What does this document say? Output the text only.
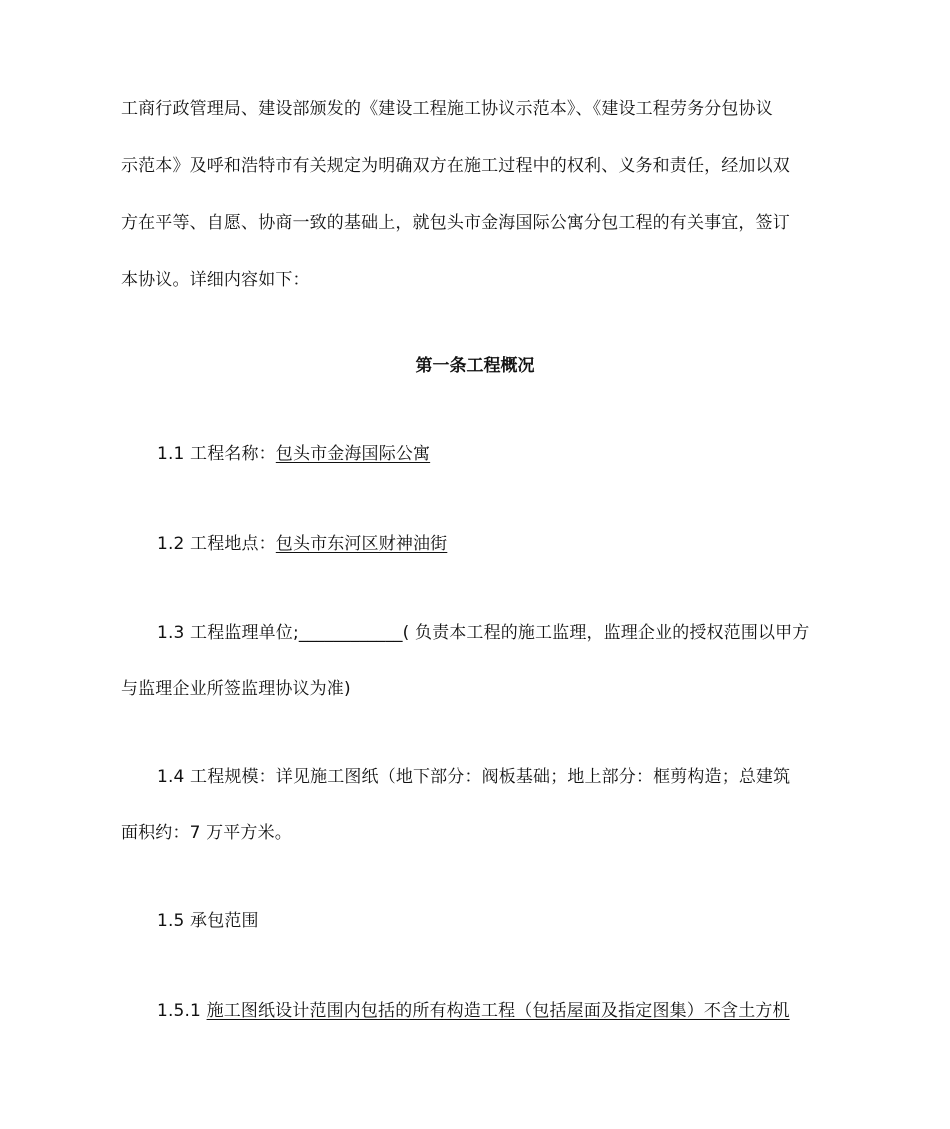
工商行政管理局、建设部颁发的《建设工程施工协议示范本》、《建设工程劳务分包协议
示范本》及呼和浩特市有关规定为明确双方在施工过程中的权利、义务和责任，经加以双
方在平等、自愿、协商一致的基础上，就包头市金海国际公寓分包工程的有关事宜，签订
本协议。详细内容如下：
第一条工程概况
1.1 工程名称：包头市金海国际公寓
1.2 工程地点：包头市东河区财神油街
1.3 工程监理单位;____________( 负责本工程的施工监理，监理企业的授权范围以甲方
与监理企业所签监理协议为准)
1.4 工程规模：详见施工图纸（地下部分：阀板基础；地上部分：框剪构造；总建筑
面积约：7 万平方米。
1.5 承包范围
1.5.1 施工图纸设计范围内包括的所有构造工程（包括屋面及指定图集）不含土方机
